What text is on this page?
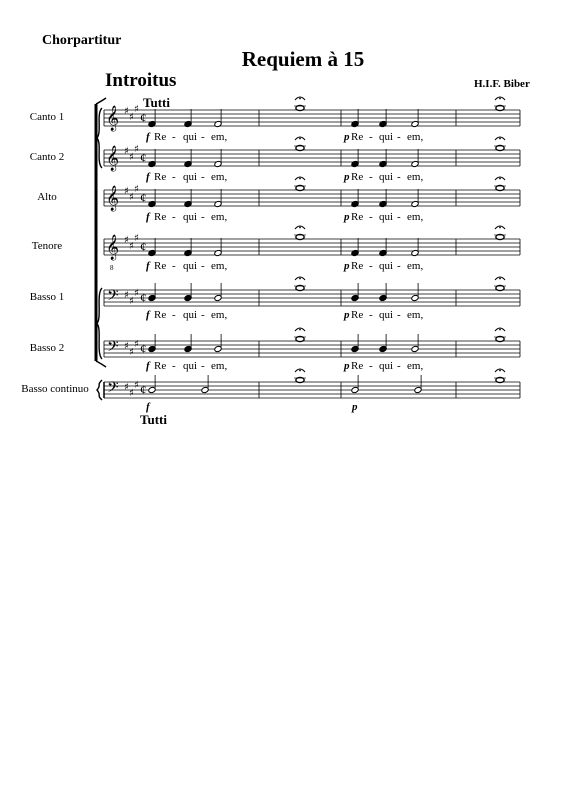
Chorpartitur
Requiem à 15
Introitus	H.I.F. Biber
Canto 1
Canto 2
Alto
Tenore
Basso 1
Basso 2
Basso continuo
𝄞 ♯
♯
♯
¢
f	p
Re - qui - em,	Re - qui - em,
𝄞 ♯
♯
♯
¢
f	p
Re - qui - em,	Re - qui - em,
𝄞 ♯
♯
♯
¢
f	p
Re - qui - em,	Re - qui - em,
𝄞
8
♯
♯
♯
¢
f	p
Re - qui - em,	Re - qui - em,
𝄢 ♯
♯
♯ ¢
f	p
Re - qui - em,	Re - qui - em,
𝄢 ♯
♯
♯ ¢
f	p
Re - qui - em,	Re - qui - em,
𝄢 ♯
♯
♯ ¢
f	p
Tutti
Tutti
